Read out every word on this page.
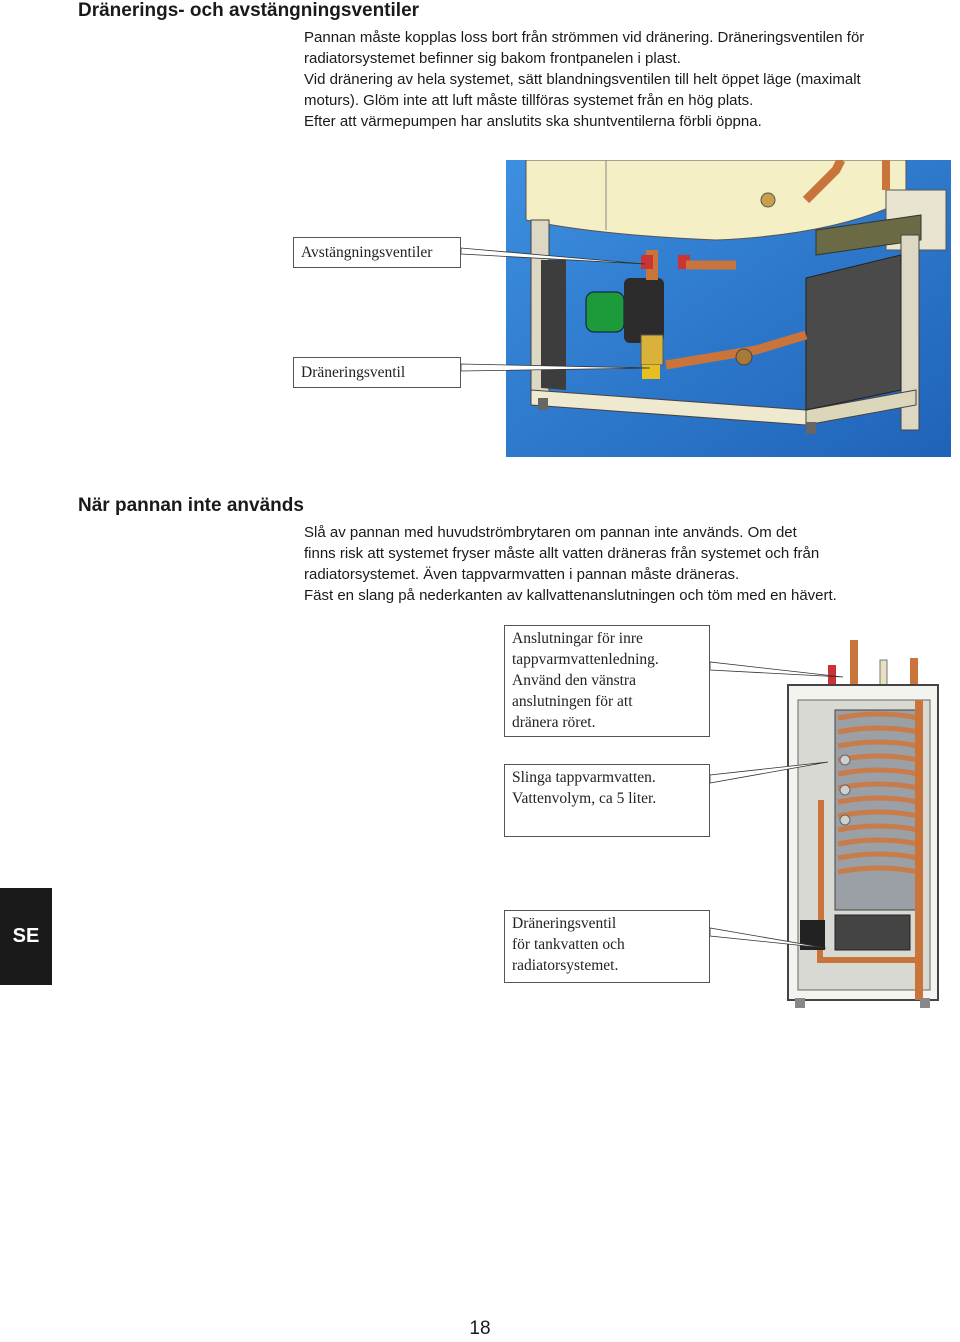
Dränerings- och avstängningsventiler
Pannan måste kopplas loss bort från strömmen vid dränering. Dräneringsventilen för
radiatorsystemet befinner sig bakom frontpanelen i plast.
Vid dränering av hela systemet, sätt blandningsventilen till helt öppet läge (maximalt
moturs). Glöm inte att luft måste tillföras systemet från en hög plats.
Efter att värmepumpen har anslutits ska shuntventilerna förbli öppna.
Avstängningsventiler
Dräneringsventil
När pannan inte används
Slå av pannan med huvudströmbrytaren om pannan inte används. Om det
finns risk att systemet fryser måste allt vatten dräneras från systemet och från
radiatorsystemet. Även tappvarmvatten i pannan måste dräneras.
Fäst en slang på nederkanten av kallvattenanslutningen och töm med en hävert.
Anslutningar för inre
tappvarmvattenledning.
Använd den vänstra
anslutningen för att
dränera röret.
Slinga tappvarmvatten.
Vattenvolym, ca 5 liter.
Dräneringsventil
för tankvatten och
radiatorsystemet.
SE
18
